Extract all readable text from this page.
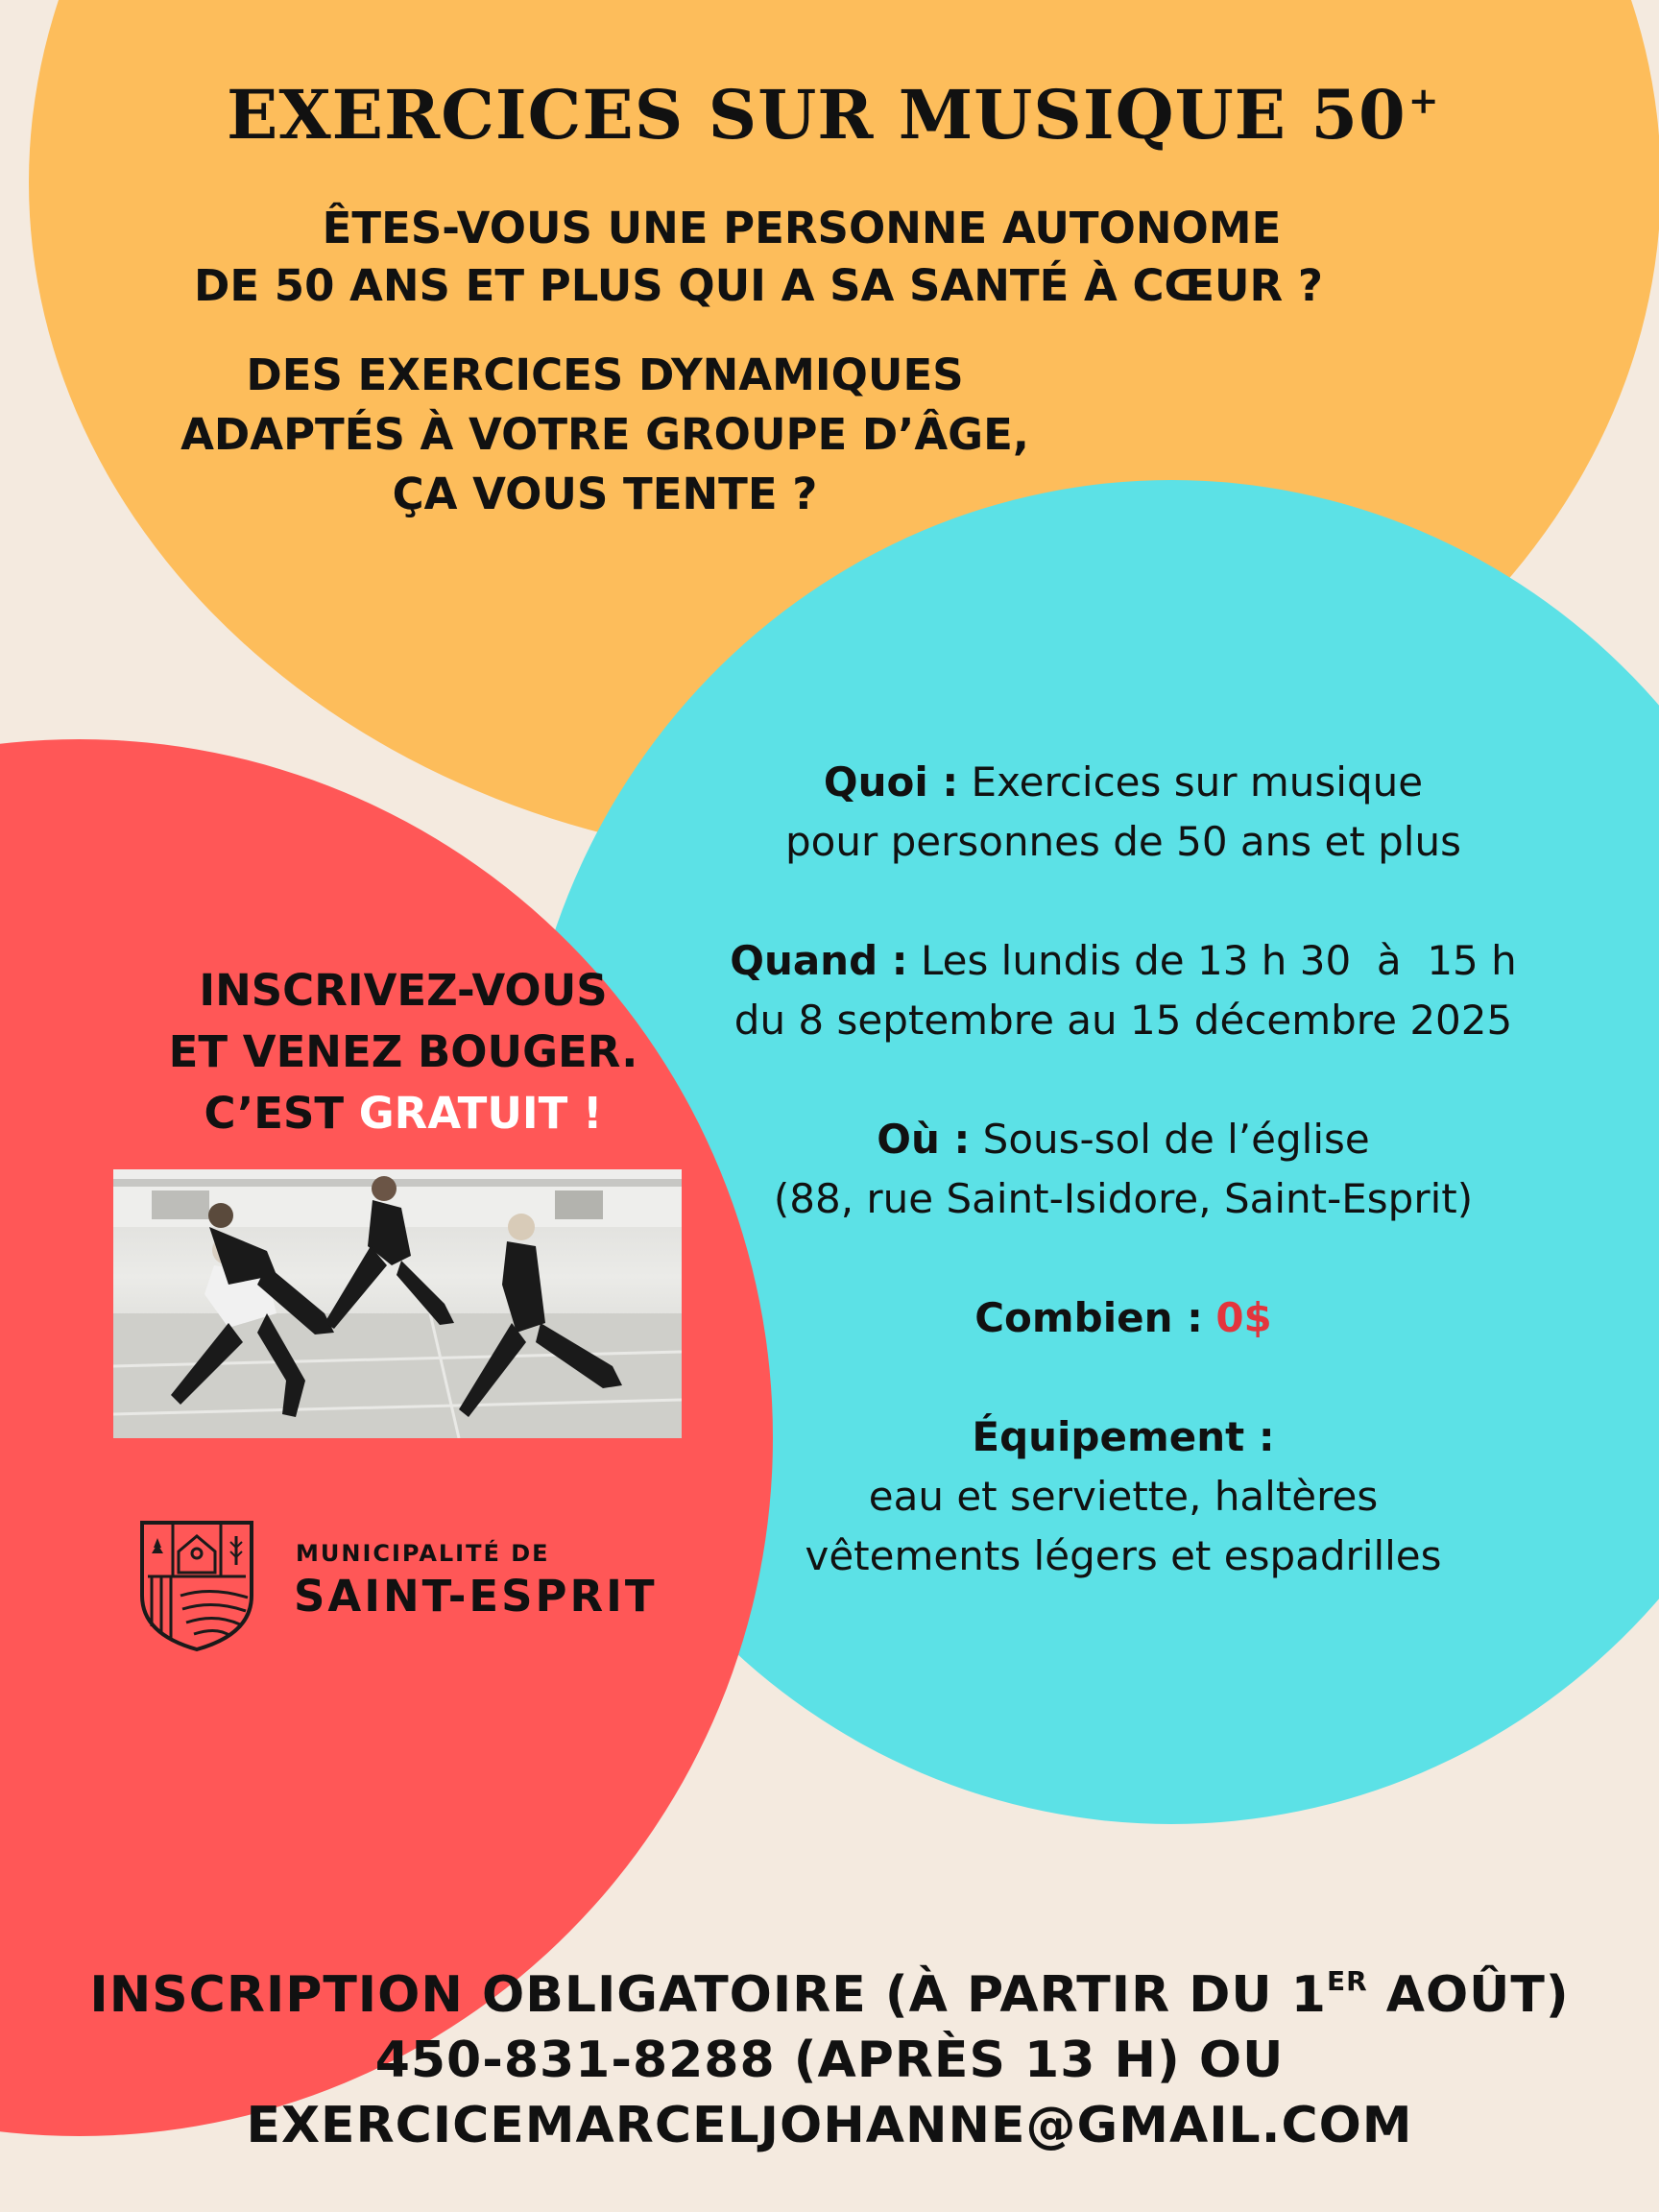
EXERCICES SUR MUSIQUE 50+
ÊTES-VOUS UNE PERSONNE AUTONOME
DE 50 ANS ET PLUS QUI A SA SANTÉ À CŒUR ?
DES EXERCICES DYNAMIQUES
ADAPTÉS À VOTRE GROUPE D’ÂGE,
ÇA VOUS TENTE ?
Quoi : Exercices sur musique
pour personnes de 50 ans et plus
Quand : Les lundis de 13 h 30  à  15 h
du 8 septembre au 15 décembre 2025
Où : Sous-sol de l’église
(88, rue Saint-Isidore, Saint-Esprit)
Combien : 0$
Équipement :
eau et serviette, haltères
vêtements légers et espadrilles
INSCRIVEZ-VOUS
ET VENEZ BOUGER.
C’EST GRATUIT !
MUNICIPALITÉ DE
SAINT-ESPRIT
INSCRIPTION OBLIGATOIRE (À PARTIR DU 1ER AOÛT)
450-831-8288 (APRÈS 13 H) OU
EXERCICEMARCELJOHANNE@GMAIL.COM
